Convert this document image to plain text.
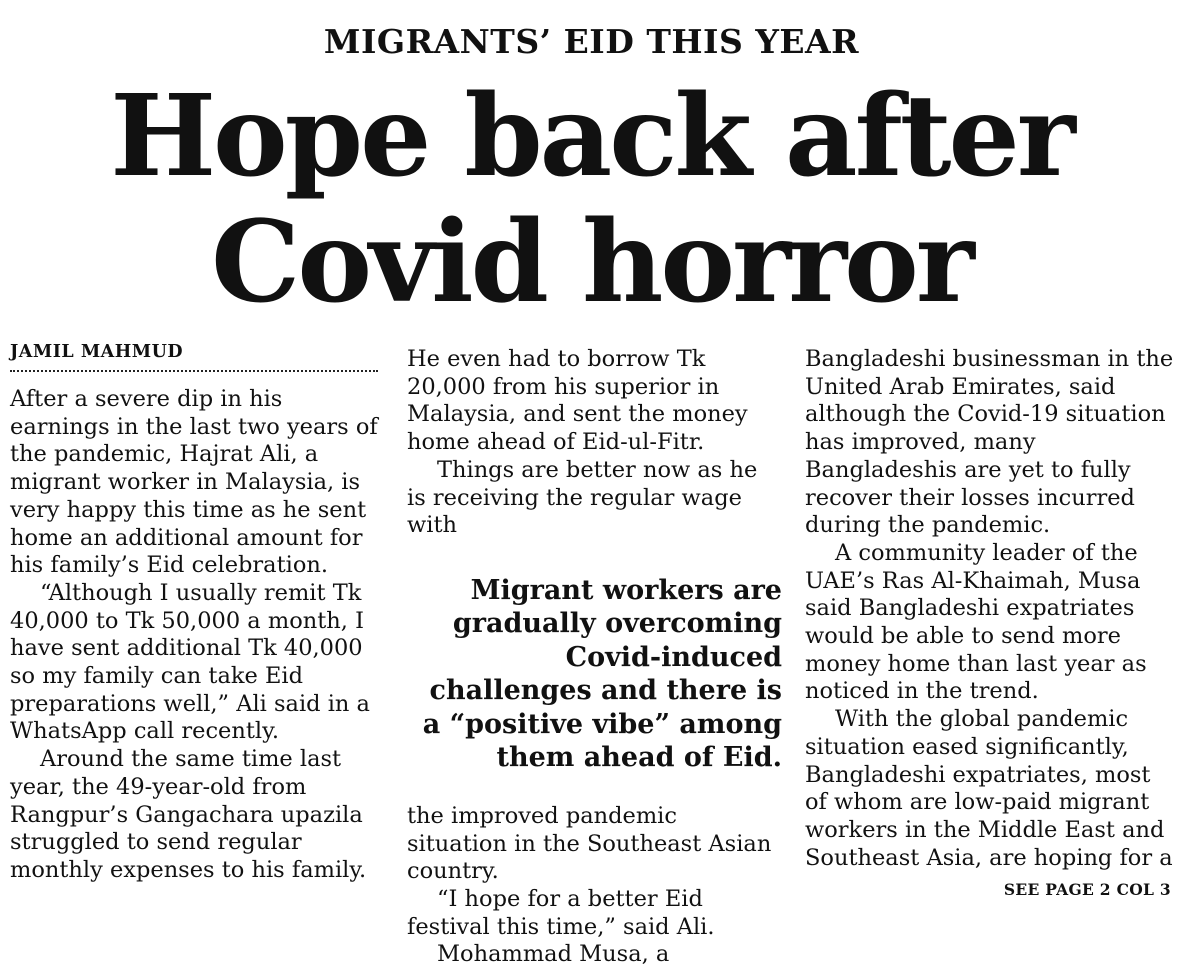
MIGRANTS’ EID THIS YEAR
Hope back after
Covid horror
JAMIL MAHMUD

After a severe dip in his earnings in the last two years of the pandemic, Hajrat Ali, a migrant worker in Malaysia, is very happy this time as he sent home an additional amount for his family’s Eid celebration.

“Although I usually remit Tk 40,000 to Tk 50,000 a month, I have sent additional Tk 40,000 so my family can take Eid preparations well,” Ali said in a WhatsApp call recently.

Around the same time last year, the 49-year-old from Rangpur’s Gangachara upazila struggled to send regular monthly expenses to his family.

He even had to borrow Tk 20,000 from his superior in Malaysia, and sent the money home ahead of Eid-ul-Fitr.

Things are better now as he is receiving the regular wage with

Migrant workers are gradually overcoming Covid-induced challenges and there is a “positive vibe” among them ahead of Eid.

the improved pandemic situation in the Southeast Asian country.

“I hope for a better Eid festival this time,” said Ali.

Mohammad Musa, a

Bangladeshi businessman in the United Arab Emirates, said although the Covid-19 situation has improved, many Bangladeshis are yet to fully recover their losses incurred during the pandemic.

A community leader of the UAE’s Ras Al-Khaimah, Musa said Bangladeshi expatriates would be able to send more money home than last year as noticed in the trend.

With the global pandemic situation eased significantly, Bangladeshi expatriates, most of whom are low-paid migrant workers in the Middle East and Southeast Asia, are hoping for a

SEE PAGE 2 COL 3
